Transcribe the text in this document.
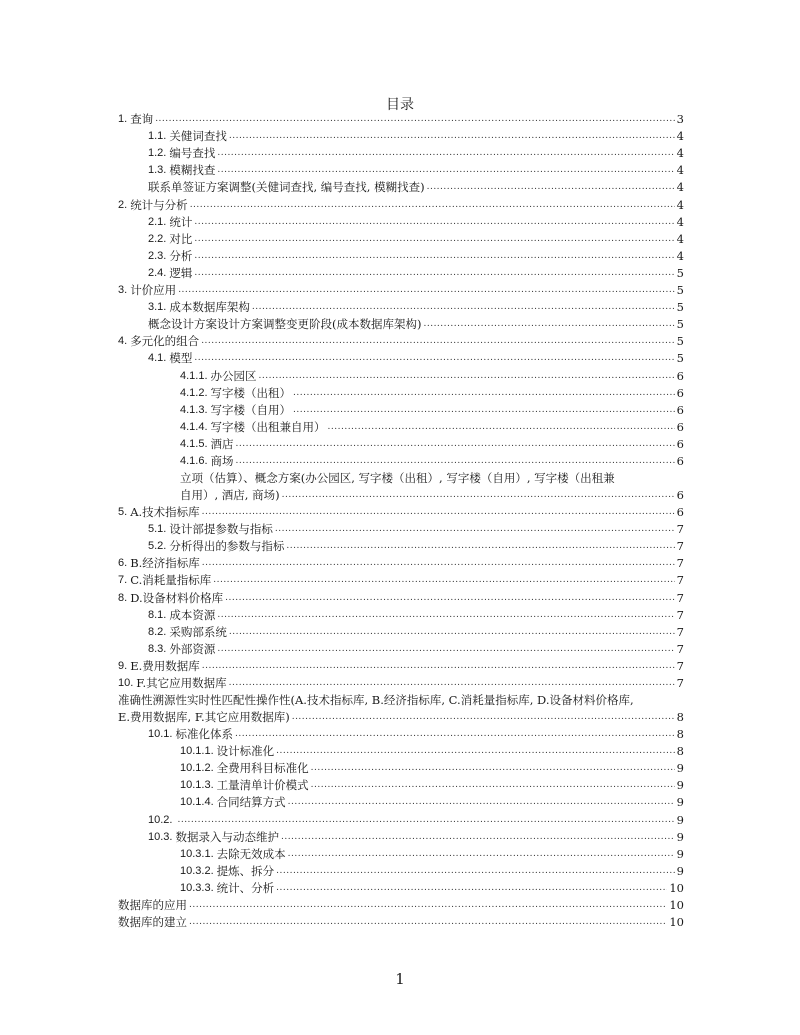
目录
1. 查询 .....	3
1.1. 关健词查找 .....	4
1.2. 编号查找 .....	4
1.3. 模糊找查 .....	4
联系单签证方案调整(关健词查找, 编号查找, 模糊找查) .....	4
2. 统计与分析 .....	4
2.1. 统计 .....	4
2.2. 对比 .....	4
2.3. 分析 .....	4
2.4. 逻辑 .....	5
3. 计价应用 .....	5
3.1. 成本数据库架构 .....	5
概念设计方案设计方案调整变更阶段(成本数据库架构) .....	5
4. 多元化的组合 .....	5
4.1. 模型 .....	5
4.1.1. 办公园区 .....	6
4.1.2. 写字楼（出租） .....	6
4.1.3. 写字楼（自用） .....	6
4.1.4. 写字楼（出租兼自用） .....	6
4.1.5. 酒店 .....	6
4.1.6. 商场 .....	6
立项（估算）、概念方案(办公园区, 写字楼（出租）, 写字楼（自用）, 写字楼（出租兼
自用）, 酒店, 商场) .....	6
5. A.技术指标库 .....	6
5.1. 设计部提参数与指标 .....	7
5.2. 分析得出的参数与指标 .....	7
6. B.经济指标库 .....	7
7. C.消耗量指标库 .....	7
8. D.设备材料价格库 .....	7
8.1. 成本资源 .....	7
8.2. 采购部系统 .....	7
8.3. 外部资源 .....	7
9. E.费用数据库 .....	7
10. F.其它应用数据库 .....	7
准确性溯源性实时性匹配性操作性(A.技术指标库, B.经济指标库, C.消耗量指标库, D.设备材料价格库,
E.费用数据库, F.其它应用数据库) .....	8
10.1. 标准化体系 .....	8
10.1.1. 设计标准化 .....	8
10.1.2. 全费用科目标准化 .....	9
10.1.3. 工量清单计价模式 .....	9
10.1.4. 合同结算方式 .....	9
10.2. .....	9
10.3. 数据录入与动态维护 .....	9
10.3.1. 去除无效成本 .....	9
10.3.2. 提炼、拆分 .....	9
10.3.3. 统计、分析 .....	10
数据库的应用 .....	10
数据库的建立 .....	10
1
